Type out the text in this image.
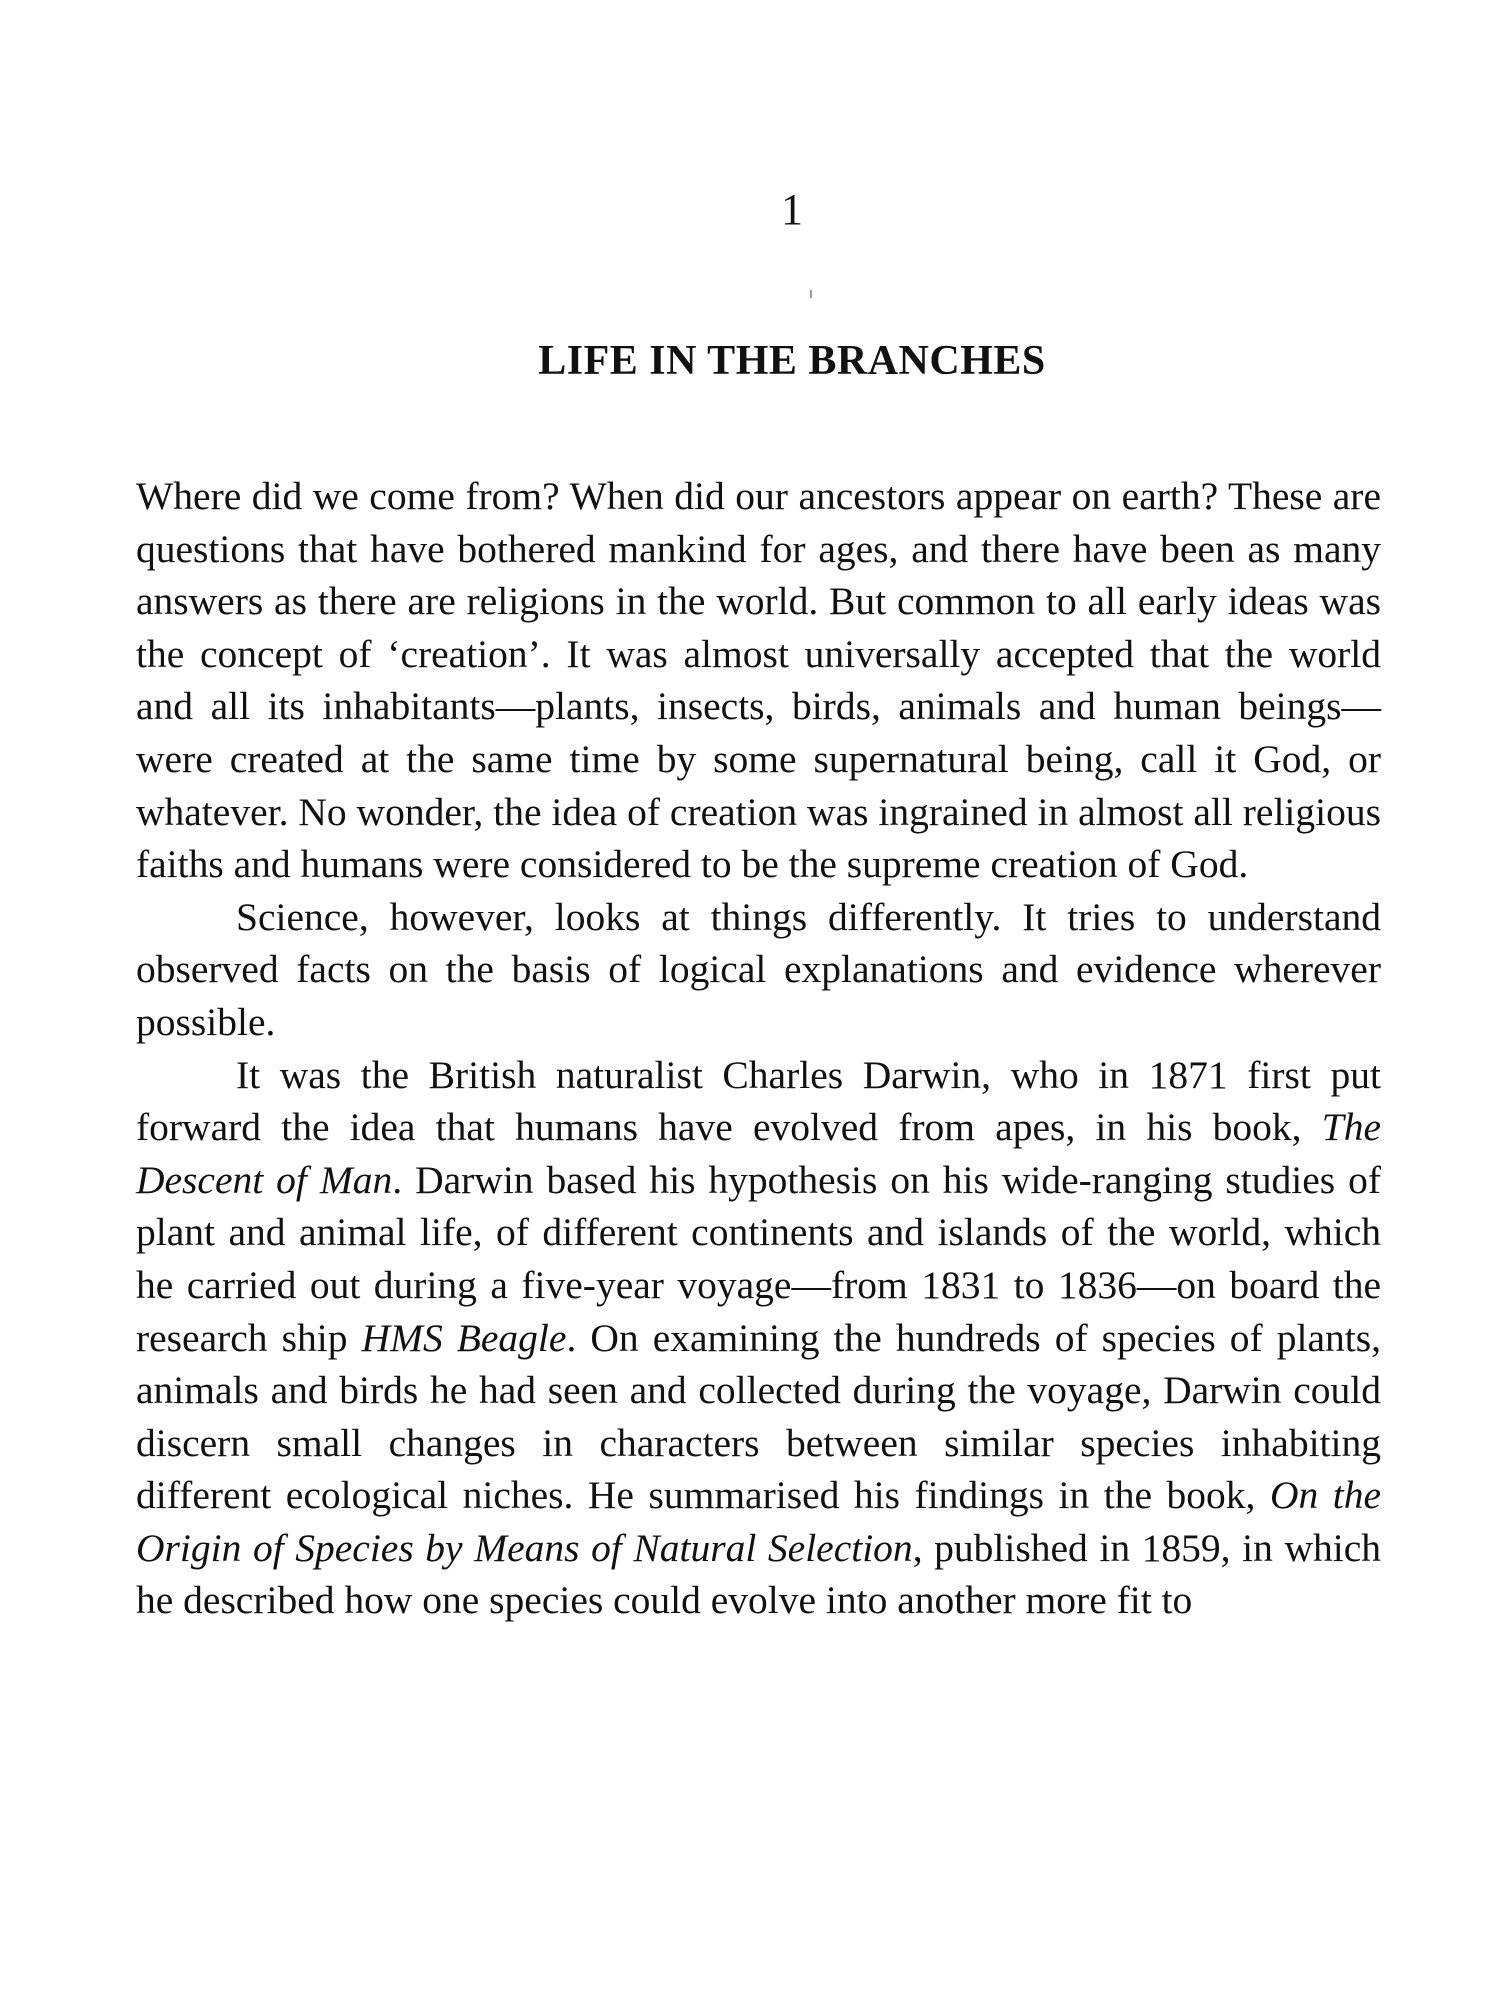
1
LIFE IN THE BRANCHES

Where did we come from? When did our ancestors appear on earth? These are questions that have bothered mankind for ages, and there have been as many answers as there are religions in the world. But common to all early ideas was the concept of ‘creation’. It was almost universally accepted that the world and all its inhabitants—plants, insects, birds, animals and human beings—were created at the same time by some supernatural being, call it God, or whatever. No wonder, the idea of creation was ingrained in almost all religious faiths and humans were considered to be the supreme creation of God.

Science, however, looks at things differently. It tries to understand observed facts on the basis of logical explanations and evidence wherever possible.

It was the British naturalist Charles Darwin, who in 1871 first put forward the idea that humans have evolved from apes, in his book, The Descent of Man. Darwin based his hypothesis on his wide-ranging studies of plant and animal life, of different continents and islands of the world, which he carried out during a five-year voyage—from 1831 to 1836—on board the research ship HMS Beagle. On examining the hundreds of species of plants, animals and birds he had seen and collected during the voyage, Darwin could discern small changes in characters between similar species inhabiting different ecological niches. He summarised his findings in the book, On the Origin of Species by Means of Natural Selection, published in 1859, in which he described how one species could evolve into another more fit to
